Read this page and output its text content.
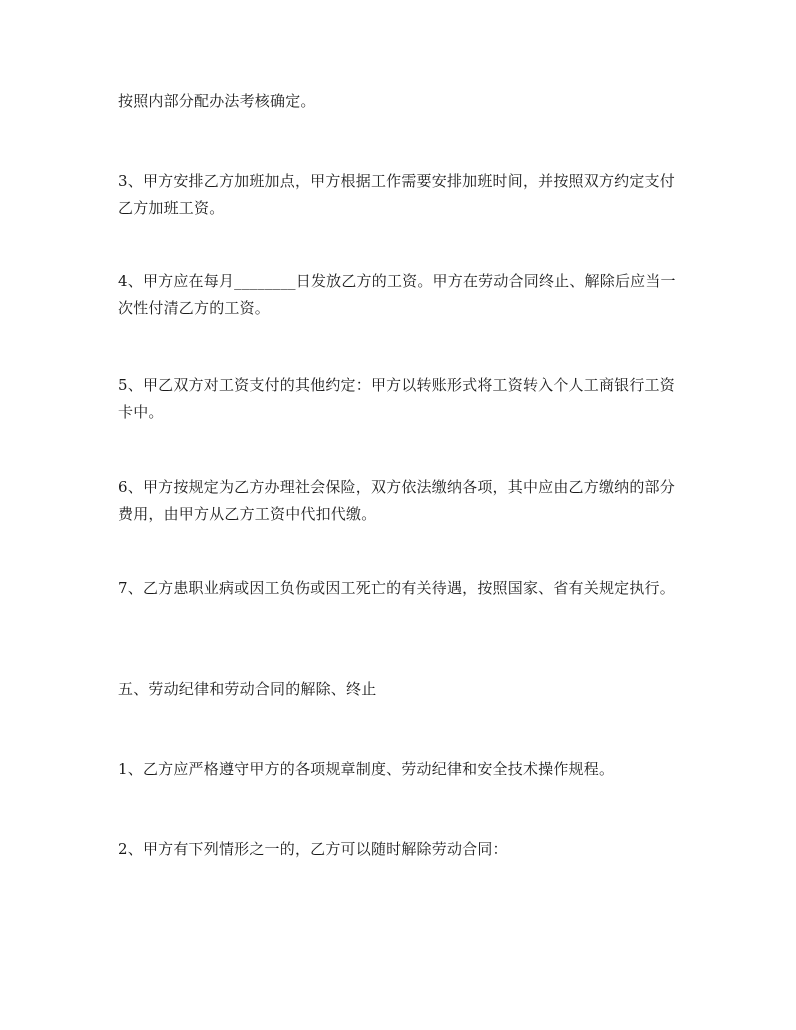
按照内部分配办法考核确定。

3、甲方安排乙方加班加点，甲方根据工作需要安排加班时间，并按照双方约定支付乙方加班工资。

4、甲方应在每月________日发放乙方的工资。甲方在劳动合同终止、解除后应当一次性付清乙方的工资。

5、甲乙双方对工资支付的其他约定：甲方以转账形式将工资转入个人工商银行工资卡中。

6、甲方按规定为乙方办理社会保险，双方依法缴纳各项，其中应由乙方缴纳的部分费用，由甲方从乙方工资中代扣代缴。

7、乙方患职业病或因工负伤或因工死亡的有关待遇，按照国家、省有关规定执行。

五、劳动纪律和劳动合同的解除、终止

1、乙方应严格遵守甲方的各项规章制度、劳动纪律和安全技术操作规程。

2、甲方有下列情形之一的，乙方可以随时解除劳动合同：
